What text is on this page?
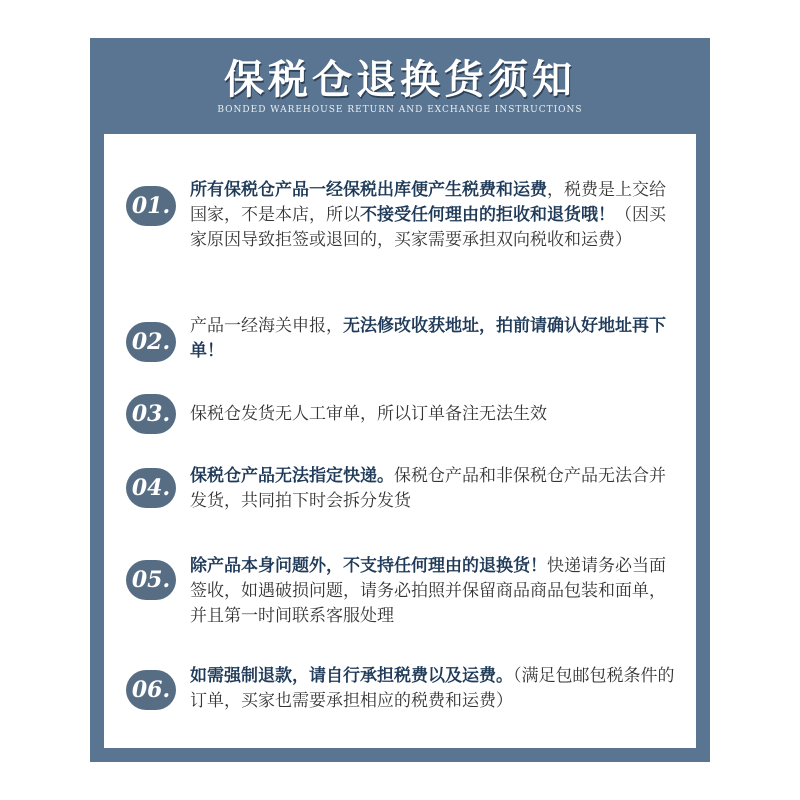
保税仓退换货须知
BONDED WAREHOUSE RETURN AND EXCHANGE INSTRUCTIONS
01.
所有保税仓产品一经保税出库便产生税费和运费，税费是上交给国家，不是本店，所以不接受任何理由的拒收和退货哦！（因买家原因导致拒签或退回的，买家需要承担双向税收和运费）
02.
产品一经海关申报，无法修改收获地址，拍前请确认好地址再下单！
03.	保税仓发货无人工审单，所以订单备注无法生效
04.	保税仓产品无法指定快递。保税仓产品和非保税仓产品无法合并发货，共同拍下时会拆分发货
05.
除产品本身问题外，不支持任何理由的退换货！快递请务必当面签收，如遇破损问题，请务必拍照并保留商品商品包装和面单，并且第一时间联系客服处理
06.
如需强制退款，请自行承担税费以及运费。（满足包邮包税条件的订单，买家也需要承担相应的税费和运费）
